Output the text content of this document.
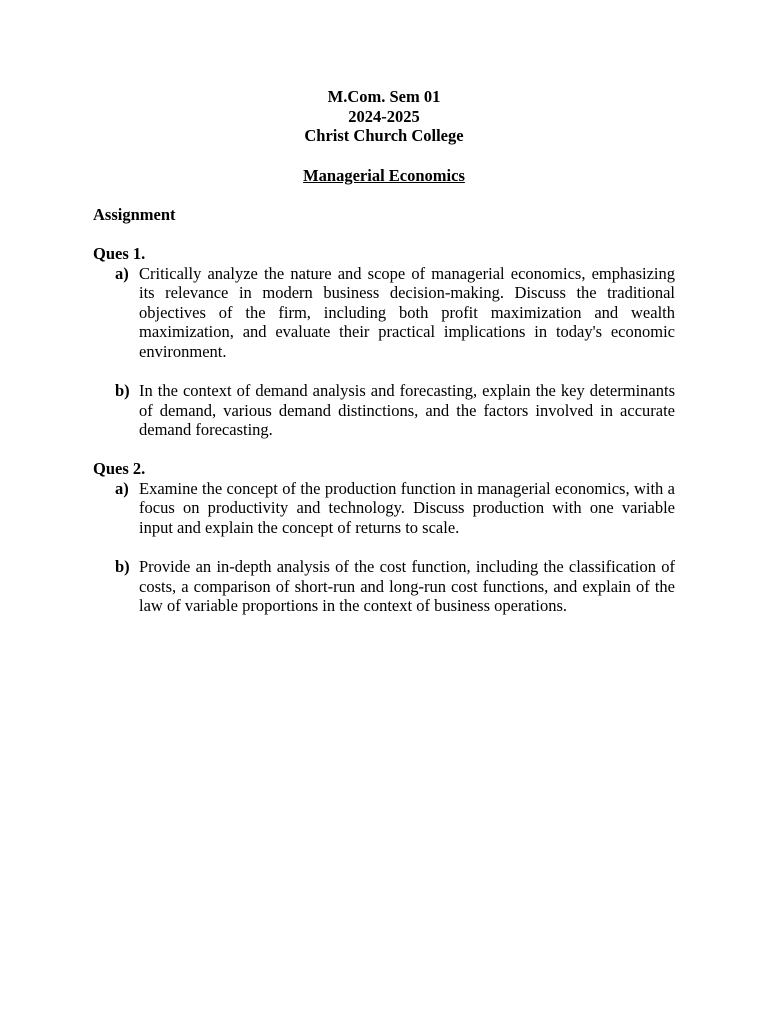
M.Com. Sem 01
2024-2025
Christ Church College
Managerial Economics
Assignment
Ques 1.
a) Critically analyze the nature and scope of managerial economics, emphasizing its relevance in modern business decision-making. Discuss the traditional objectives of the firm, including both profit maximization and wealth maximization, and evaluate their practical implications in today's economic environment.
b) In the context of demand analysis and forecasting, explain the key determinants of demand, various demand distinctions, and the factors involved in accurate demand forecasting.
Ques 2.
a) Examine the concept of the production function in managerial economics, with a focus on productivity and technology. Discuss production with one variable input and explain the concept of returns to scale.
b) Provide an in-depth analysis of the cost function, including the classification of costs, a comparison of short-run and long-run cost functions, and explain of the law of variable proportions in the context of business operations.
